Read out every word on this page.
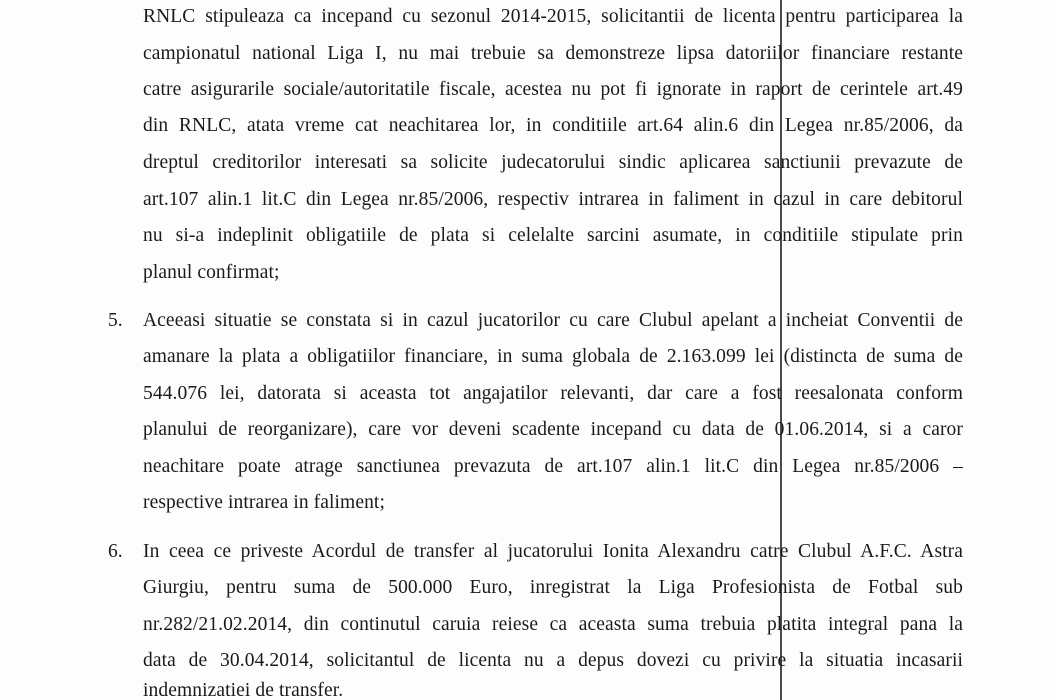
RNLC stipuleaza ca incepand cu sezonul 2014-2015, solicitantii de licenta pentru participarea la
campionatul national Liga I, nu mai trebuie sa demonstreze lipsa datoriilor financiare restante
catre asigurarile sociale/autoritatile fiscale, acestea nu pot fi ignorate in raport de cerintele art.49
din RNLC, atata vreme cat neachitarea lor, in conditiile art.64 alin.6 din Legea nr.85/2006, da
dreptul creditorilor interesati sa solicite judecatorului sindic aplicarea sanctiunii prevazute de
art.107 alin.1 lit.C din Legea nr.85/2006, respectiv intrarea in faliment in cazul in care debitorul
nu si-a indeplinit obligatiile de plata si celelalte sarcini asumate, in conditiile stipulate prin
planul confirmat;
5. Aceeasi situatie se constata si in cazul jucatorilor cu care Clubul apelant a incheiat Conventii de
amanare la plata a obligatiilor financiare, in suma globala de 2.163.099 lei (distincta de suma de
544.076 lei, datorata si aceasta tot angajatilor relevanti, dar care a fost reesalonata conform
planului de reorganizare), care vor deveni scadente incepand cu data de 01.06.2014, si a caror
neachitare poate atrage sanctiunea prevazuta de art.107 alin.1 lit.C din Legea nr.85/2006 –
respective intrarea in faliment;
6. In ceea ce priveste Acordul de transfer al jucatorului Ionita Alexandru catre Clubul A.F.C. Astra
Giurgiu, pentru suma de 500.000 Euro, inregistrat la Liga Profesionista de Fotbal sub
nr.282/21.02.2014, din continutul caruia reiese ca aceasta suma trebuia platita integral pana la
data de 30.04.2014, solicitantul de licenta nu a depus dovezi cu privire la situatia incasarii
indemnizatiei de transfer.
